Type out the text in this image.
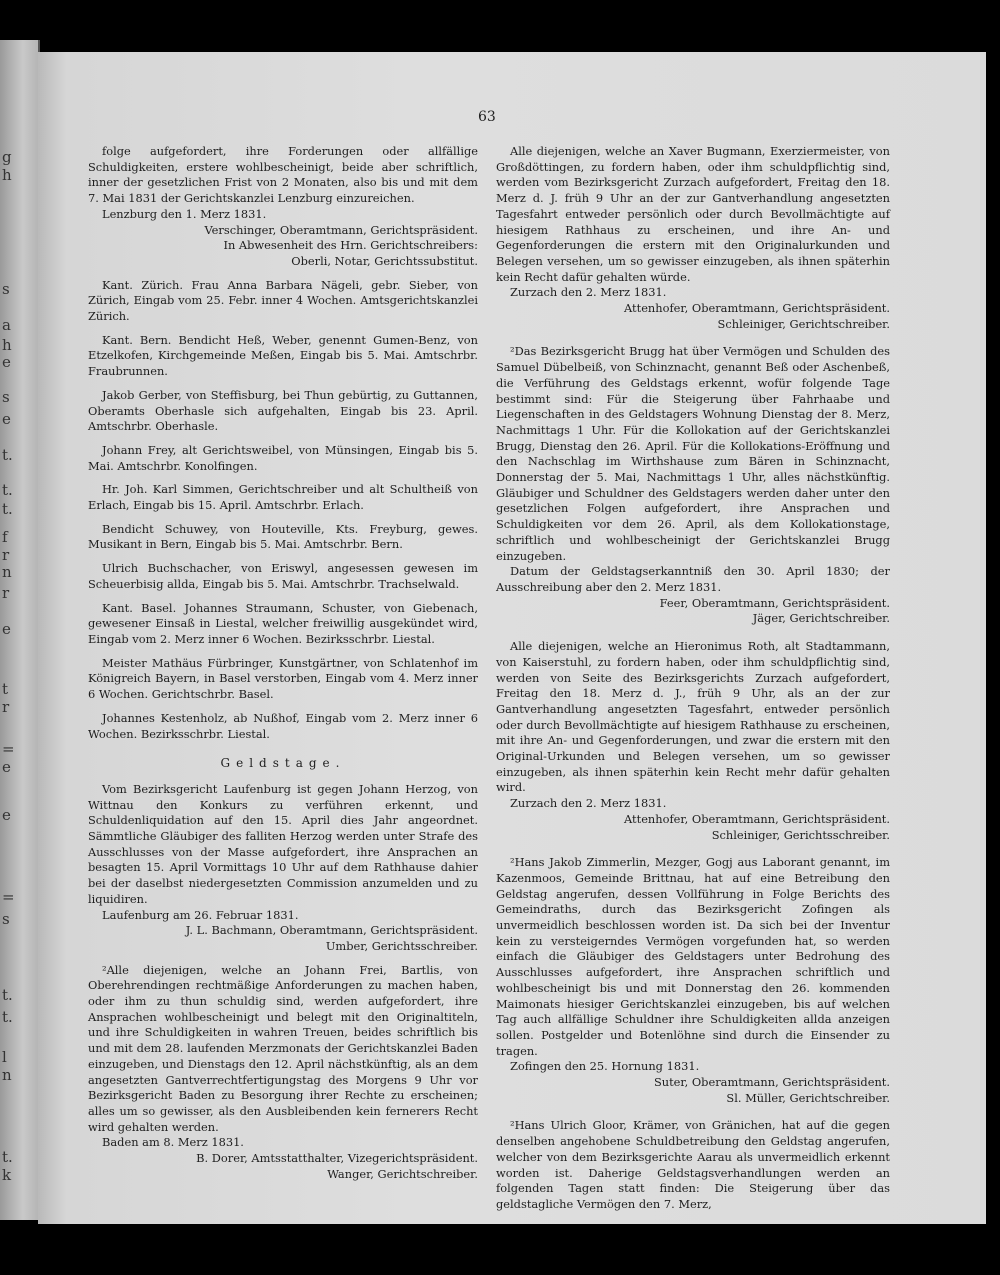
g
h
s
a
h
e
s
e
t.
t.
t.
f
r
n
r
e
t
r
=
e
e
=
s
t.
t.
l
n
t.
k
63
folge aufgefordert, ihre Forderungen oder allfällige Schuldigkeiten, erstere wohlbescheinigt, beide aber schriftlich, inner der gesetzlichen Frist von 2 Monaten, also bis und mit dem 7. Mai 1831 der Gerichtskanzlei Lenzburg einzureichen.
Lenzburg den 1. Merz 1831.
Verschinger, Oberamtmann, Gerichtspräsident.
In Abwesenheit des Hrn. Gerichtschreibers:
Oberli, Notar, Gerichtssubstitut.
Kant. Zürich. Frau Anna Barbara Nägeli, gebr. Sieber, von Zürich, Eingab vom 25. Febr. inner 4 Wochen. Amtsgerichtskanzlei Zürich.
Kant. Bern. Bendicht Heß, Weber, genennt Gumen-Benz, von Etzelkofen, Kirchgemeinde Meßen, Eingab bis 5. Mai. Amtschrbr. Fraubrunnen.
Jakob Gerber, von Steffisburg, bei Thun gebürtig, zu Guttannen, Oberamts Oberhasle sich aufgehalten, Eingab bis 23. April. Amtschrbr. Oberhasle.
Johann Frey, alt Gerichtsweibel, von Münsingen, Eingab bis 5. Mai. Amtschrbr. Konolfingen.
Hr. Joh. Karl Simmen, Gerichtschreiber und alt Schultheiß von Erlach, Eingab bis 15. April. Amtschrbr. Erlach.
Bendicht Schuwey, von Houteville, Kts. Freyburg, gewes. Musikant in Bern, Eingab bis 5. Mai. Amtschrbr. Bern.
Ulrich Buchschacher, von Eriswyl, angesessen gewesen im Scheuerbisig allda, Eingab bis 5. Mai. Amtschrbr. Trachselwald.
Kant. Basel. Johannes Straumann, Schuster, von Giebenach, gewesener Einsaß in Liestal, welcher freiwillig ausgekündet wird, Eingab vom 2. Merz inner 6 Wochen. Bezirksschrbr. Liestal.
Meister Mathäus Fürbringer, Kunstgärtner, von Schlatenhof im Königreich Bayern, in Basel verstorben, Eingab vom 4. Merz inner 6 Wochen. Gerichtschrbr. Basel.
Johannes Kestenholz, ab Nußhof, Eingab vom 2. Merz inner 6 Wochen. Bezirksschrbr. Liestal.
Geldstage.
Vom Bezirksgericht Laufenburg ist gegen Johann Herzog, von Wittnau den Konkurs zu verführen erkennt, und Schuldenliquidation auf den 15. April dies Jahr angeordnet. Sämmtliche Gläubiger des falliten Herzog werden unter Strafe des Ausschlusses von der Masse aufgefordert, ihre Ansprachen an besagten 15. April Vormittags 10 Uhr auf dem Rathhause dahier bei der daselbst niedergesetzten Commission anzumelden und zu liquidiren.
Laufenburg am 26. Februar 1831.
J. L. Bachmann, Oberamtmann, Gerichtspräsident.
Umber, Gerichtsschreiber.
²Alle diejenigen, welche an Johann Frei, Bartlis, von Oberehrendingen rechtmäßige Anforderungen zu machen haben, oder ihm zu thun schuldig sind, werden aufgefordert, ihre Ansprachen wohlbescheinigt und belegt mit den Originaltiteln, und ihre Schuldigkeiten in wahren Treuen, beides schriftlich bis und mit dem 28. laufenden Merzmonats der Gerichtskanzlei Baden einzugeben, und Dienstags den 12. April nächstkünftig, als an dem angesetzten Gantverrechtfertigungstag des Morgens 9 Uhr vor Bezirksgericht Baden zu Besorgung ihrer Rechte zu erscheinen; alles um so gewisser, als den Ausbleibenden kein fernerers Recht wird gehalten werden.
Baden am 8. Merz 1831.
B. Dorer, Amtsstatthalter, Vizegerichtspräsident.
Wanger, Gerichtschreiber.
Alle diejenigen, welche an Xaver Bugmann, Exerziermeister, von Großdöttingen, zu fordern haben, oder ihm schuldpflichtig sind, werden vom Bezirksgericht Zurzach aufgefordert, Freitag den 18. Merz d. J. früh 9 Uhr an der zur Gantverhandlung angesetzten Tagesfahrt entweder persönlich oder durch Bevollmächtigte auf hiesigem Rathhaus zu erscheinen, und ihre An- und Gegenforderungen die erstern mit den Originalurkunden und Belegen versehen, um so gewisser einzugeben, als ihnen späterhin kein Recht dafür gehalten würde.
Zurzach den 2. Merz 1831.
Attenhofer, Oberamtmann, Gerichtspräsident.
Schleiniger, Gerichtschreiber.
²Das Bezirksgericht Brugg hat über Vermögen und Schulden des Samuel Dübelbeiß, von Schinznacht, genannt Beß oder Aschenbeß, die Verführung des Geldstags erkennt, wofür folgende Tage bestimmt sind: Für die Steigerung über Fahrhaabe und Liegenschaften in des Geldstagers Wohnung Dienstag der 8. Merz, Nachmittags 1 Uhr. Für die Kollokation auf der Gerichtskanzlei Brugg, Dienstag den 26. April. Für die Kollokations-Eröffnung und den Nachschlag im Wirthshause zum Bären in Schinznacht, Donnerstag der 5. Mai, Nachmittags 1 Uhr, alles nächstkünftig. Gläubiger und Schuldner des Geldstagers werden daher unter den gesetzlichen Folgen aufgefordert, ihre Ansprachen und Schuldigkeiten vor dem 26. April, als dem Kollokationstage, schriftlich und wohlbescheinigt der Gerichtskanzlei Brugg einzugeben.
Datum der Geldstagserkanntniß den 30. April 1830; der Ausschreibung aber den 2. Merz 1831.
Feer, Oberamtmann, Gerichtspräsident.
Jäger, Gerichtschreiber.
Alle diejenigen, welche an Hieronimus Roth, alt Stadtammann, von Kaiserstuhl, zu fordern haben, oder ihm schuldpflichtig sind, werden von Seite des Bezirksgerichts Zurzach aufgefordert, Freitag den 18. Merz d. J., früh 9 Uhr, als an der zur Gantverhandlung angesetzten Tagesfahrt, entweder persönlich oder durch Bevollmächtigte auf hiesigem Rathhause zu erscheinen, mit ihre An- und Gegenforderungen, und zwar die erstern mit den Original-Urkunden und Belegen versehen, um so gewisser einzugeben, als ihnen späterhin kein Recht mehr dafür gehalten wird.
Zurzach den 2. Merz 1831.
Attenhofer, Oberamtmann, Gerichtspräsident.
Schleiniger, Gerichtsschreiber.
²Hans Jakob Zimmerlin, Mezger, Gogj aus Laborant genannt, im Kazenmoos, Gemeinde Brittnau, hat auf eine Betreibung den Geldstag angerufen, dessen Vollführung in Folge Berichts des Gemeindraths, durch das Bezirksgericht Zofingen als unvermeidlich beschlossen worden ist. Da sich bei der Inventur kein zu versteigerndes Vermögen vorgefunden hat, so werden einfach die Gläubiger des Geldstagers unter Bedrohung des Ausschlusses aufgefordert, ihre Ansprachen schriftlich und wohlbescheinigt bis und mit Donnerstag den 26. kommenden Maimonats hiesiger Gerichtskanzlei einzugeben, bis auf welchen Tag auch allfällige Schuldner ihre Schuldigkeiten allda anzeigen sollen. Postgelder und Botenlöhne sind durch die Einsender zu tragen.
Zofingen den 25. Hornung 1831.
Suter, Oberamtmann, Gerichtspräsident.
Sl. Müller, Gerichtschreiber.
²Hans Ulrich Gloor, Krämer, von Gränichen, hat auf die gegen denselben angehobene Schuldbetreibung den Geldstag angerufen, welcher von dem Bezirksgerichte Aarau als unvermeidlich erkennt worden ist. Daherige Geldstagsverhandlungen werden an folgenden Tagen statt finden: Die Steigerung über das geldstagliche Vermögen den 7. Merz,
